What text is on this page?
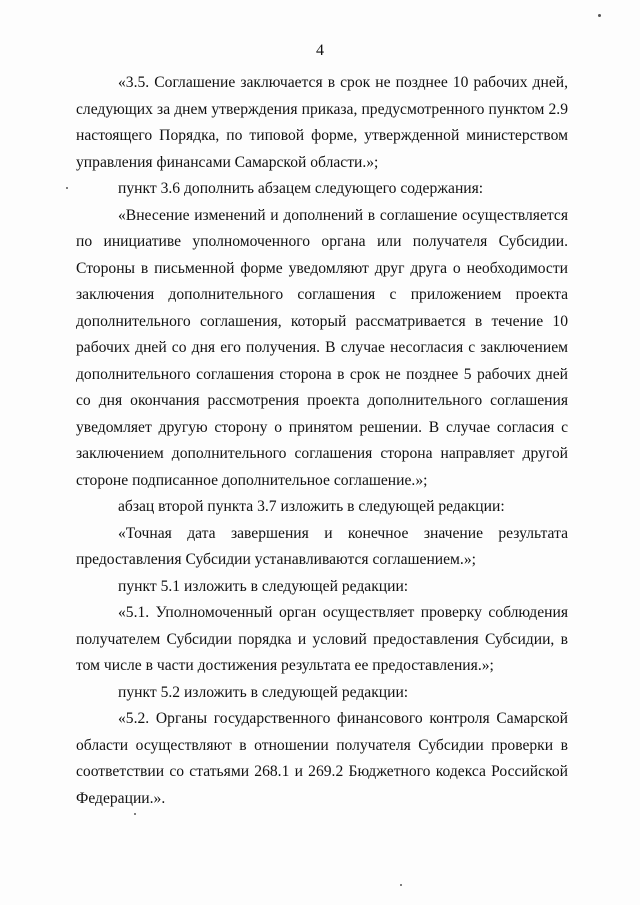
4

«3.5. Соглашение заключается в срок не позднее 10 рабочих дней, следующих за днем утверждения приказа, предусмотренного пунктом 2.9 настоящего Порядка, по типовой форме, утвержденной министерством управления финансами Самарской области.»;

пункт 3.6 дополнить абзацем следующего содержания:

«Внесение изменений и дополнений в соглашение осуществляется по инициативе уполномоченного органа или получателя Субсидии. Стороны в письменной форме уведомляют друг друга о необходимости заключения дополнительного соглашения с приложением проекта дополнительного соглашения, который рассматривается в течение 10 рабочих дней со дня его получения. В случае несогласия с заключением дополнительного соглашения сторона в срок не позднее 5 рабочих дней со дня окончания рассмотрения проекта дополнительного соглашения уведомляет другую сторону о принятом решении. В случае согласия с заключением дополнительного соглашения сторона направляет другой стороне подписанное дополнительное соглашение.»;

абзац второй пункта 3.7 изложить в следующей редакции:

«Точная дата завершения и конечное значение результата предоставления Субсидии устанавливаются соглашением.»;

пункт 5.1 изложить в следующей редакции:

«5.1. Уполномоченный орган осуществляет проверку соблюдения получателем Субсидии порядка и условий предоставления Субсидии, в том числе в части достижения результата ее предоставления.»;

пункт 5.2 изложить в следующей редакции:

«5.2. Органы государственного финансового контроля Самарской области осуществляют в отношении получателя Субсидии проверки в соответствии со статьями 268.1 и 269.2 Бюджетного кодекса Российской Федерации.».
